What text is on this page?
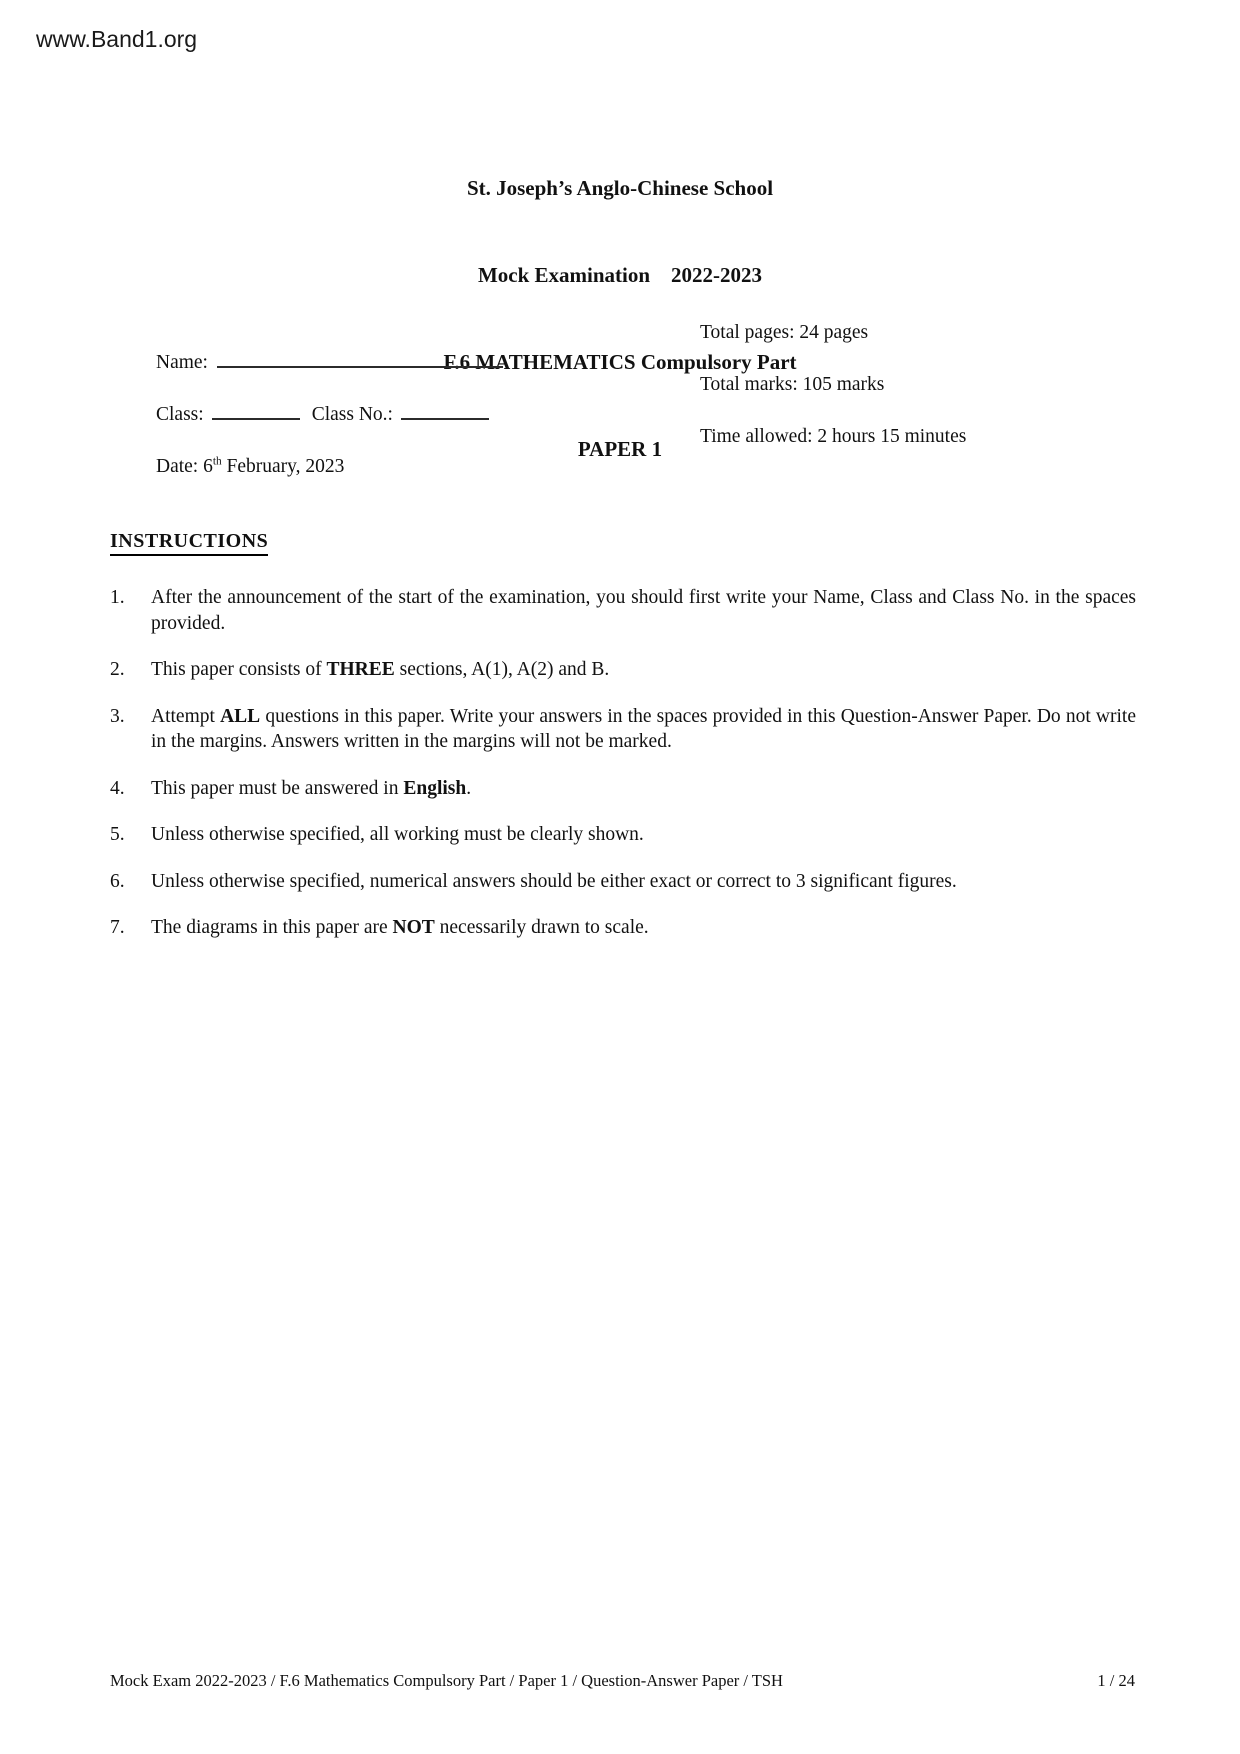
www.Band1.org

St. Joseph’s Anglo-Chinese School

Mock Examination    2022-2023

F.6 MATHEMATICS Compulsory Part

PAPER 1

Name:

Class:	Class No.:

Date: 6th February, 2023

Total pages: 24 pages
Total marks: 105 marks
Time allowed: 2 hours 15 minutes
INSTRUCTIONS
1.	After the announcement of the start of the examination, you should first write your Name, Class and Class No. in the spaces provided.

2.	This paper consists of THREE sections, A(1), A(2) and B.

3.	Attempt ALL questions in this paper. Write your answers in the spaces provided in this Question-Answer Paper. Do not write in the margins. Answers written in the margins will not be marked.

4.	This paper must be answered in English.

5.	Unless otherwise specified, all working must be clearly shown.

6.	Unless otherwise specified, numerical answers should be either exact or correct to 3 significant figures.

7.	The diagrams in this paper are NOT necessarily drawn to scale.

Mock Exam 2022-2023 / F.6 Mathematics Compulsory Part / Paper 1 / Question-Answer Paper / TSH	1 / 24
